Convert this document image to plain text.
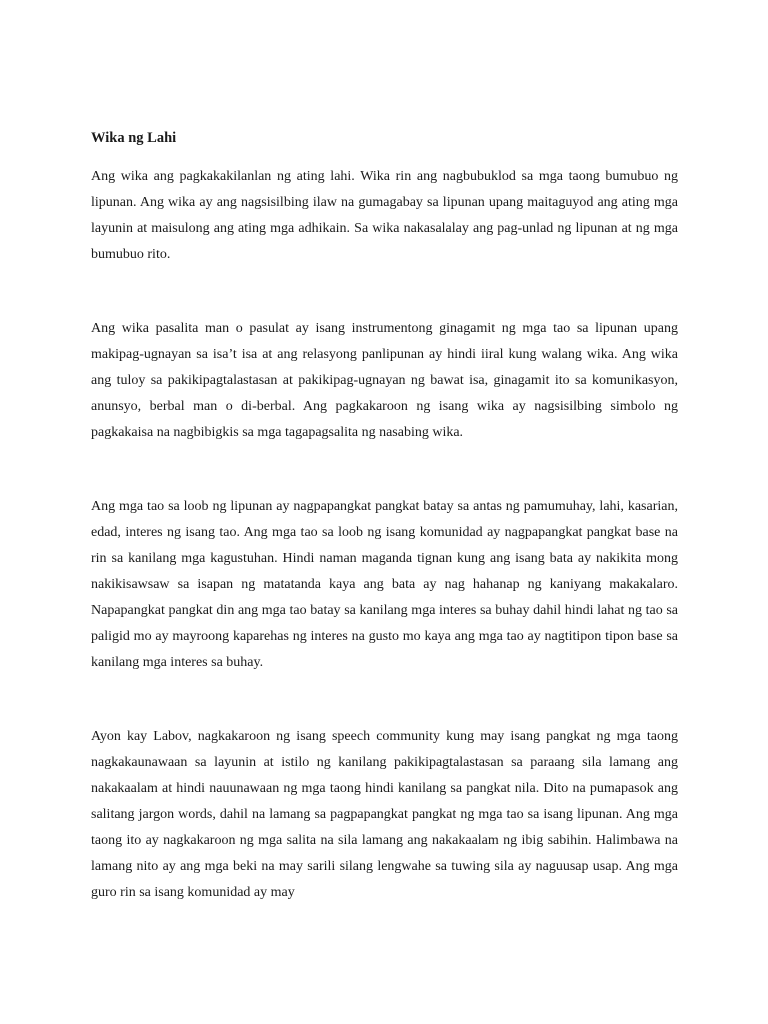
Wika ng Lahi

Ang wika ang pagkakakilanlan ng ating lahi. Wika rin ang nagbubuklod sa mga taong bumubuo ng lipunan. Ang wika ay ang nagsisilbing ilaw na gumagabay sa lipunan upang maitaguyod ang ating mga layunin at maisulong ang ating mga adhikain. Sa wika nakasalalay ang pag-unlad ng lipunan at ng mga bumubuo rito.

Ang wika pasalita man o pasulat ay isang instrumentong ginagamit ng mga tao sa lipunan upang makipag-ugnayan sa isa’t isa at ang relasyong panlipunan ay hindi iiral kung walang wika. Ang wika ang tuloy sa pakikipagtalastasan at pakikipag-ugnayan ng bawat isa, ginagamit ito sa komunikasyon, anunsyo, berbal man o di-berbal. Ang pagkakaroon ng isang wika ay nagsisilbing simbolo ng pagkakaisa na nagbibigkis sa mga tagapagsalita ng nasabing wika.

Ang mga tao sa loob ng lipunan ay nagpapangkat pangkat batay sa antas ng pamumuhay, lahi, kasarian, edad, interes ng isang tao. Ang mga tao sa loob ng isang komunidad ay nagpapangkat pangkat base na rin sa kanilang mga kagustuhan. Hindi naman maganda tignan kung ang isang bata ay nakikita mong nakikisawsaw sa isapan ng matatanda kaya ang bata ay nag hahanap ng kaniyang makakalaro. Napapangkat pangkat din ang mga tao batay sa kanilang mga interes sa buhay dahil hindi lahat ng tao sa paligid mo ay mayroong kaparehas ng interes na gusto mo kaya ang mga tao ay nagtitipon tipon base sa kanilang mga interes sa buhay.

Ayon kay Labov, nagkakaroon ng isang speech community kung may isang pangkat ng mga taong nagkakaunawaan sa layunin at istilo ng kanilang pakikipagtalastasan sa paraang sila lamang ang nakakaalam at hindi nauunawaan ng mga taong hindi kanilang sa pangkat nila. Dito na pumapasok ang salitang jargon words, dahil na lamang sa pagpapangkat pangkat ng mga tao sa isang lipunan. Ang mga taong ito ay nagkakaroon ng mga salita na sila lamang ang nakakaalam ng ibig sabihin. Halimbawa na lamang nito ay ang mga beki na may sarili silang lengwahe sa tuwing sila ay naguusap usap. Ang mga guro rin sa isang komunidad ay may
